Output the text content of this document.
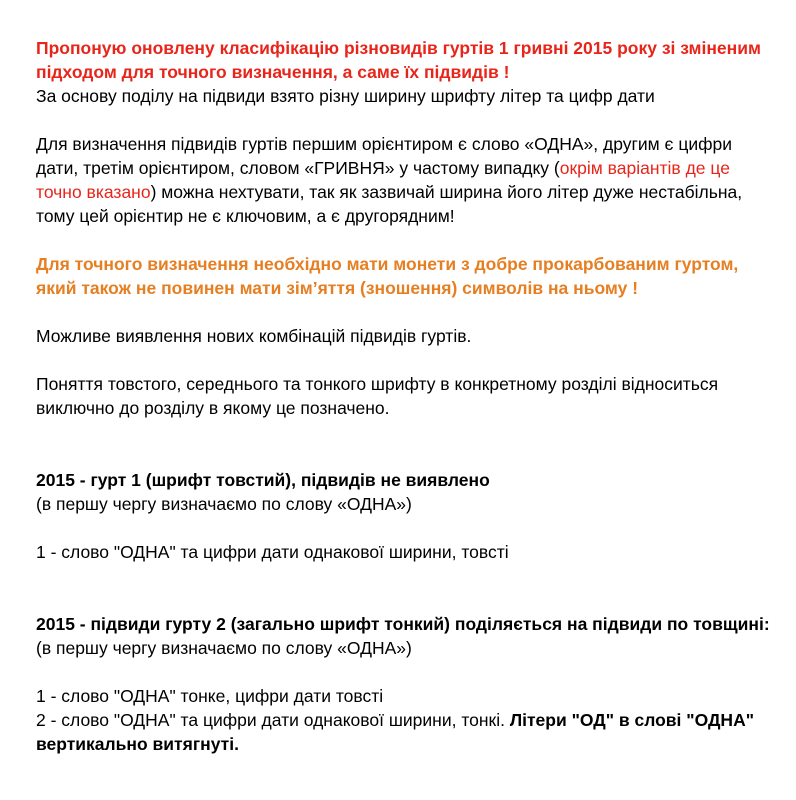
Пропоную оновлену класифікацію різновидів гуртів 1 гривні 2015 року зі зміненим підходом для точного визначення, а саме їх підвидів !

За основу поділу на підвиди взято різну ширину шрифту літер та цифр дати

Для визначення підвидів гуртів першим орієнтиром є слово «ОДНА», другим є цифри дати, третім орієнтиром, словом «ГРИВНЯ» у частому випадку (окрім варіантів де це точно вказано) можна нехтувати, так як зазвичай ширина його літер дуже нестабільна, тому цей орієнтир не є ключовим, а є другорядним!

Для точного визначення необхідно мати монети з добре прокарбованим гуртом, який також не повинен мати зім’яття (зношення) символів на ньому !

Можливе виявлення нових комбінацій підвидів гуртів.

Поняття товстого, середнього та тонкого шрифту в конкретному розділі відноситься виключно до розділу в якому це позначено.

2015 - гурт 1 (шрифт товстий), підвидів не виявлено

(в першу чергу визначаємо по слову «ОДНА»)

1 - слово "ОДНА" та цифри дати однакової ширини, товсті

2015 - підвиди гурту 2 (загально шрифт тонкий) поділяється на підвиди по товщині:

(в першу чергу визначаємо по слову «ОДНА»)

1 - слово "ОДНА" тонке, цифри дати товсті

2 - слово "ОДНА" та цифри дати однакової ширини, тонкі. Літери "ОД" в слові "ОДНА" вертикально витягнуті.
